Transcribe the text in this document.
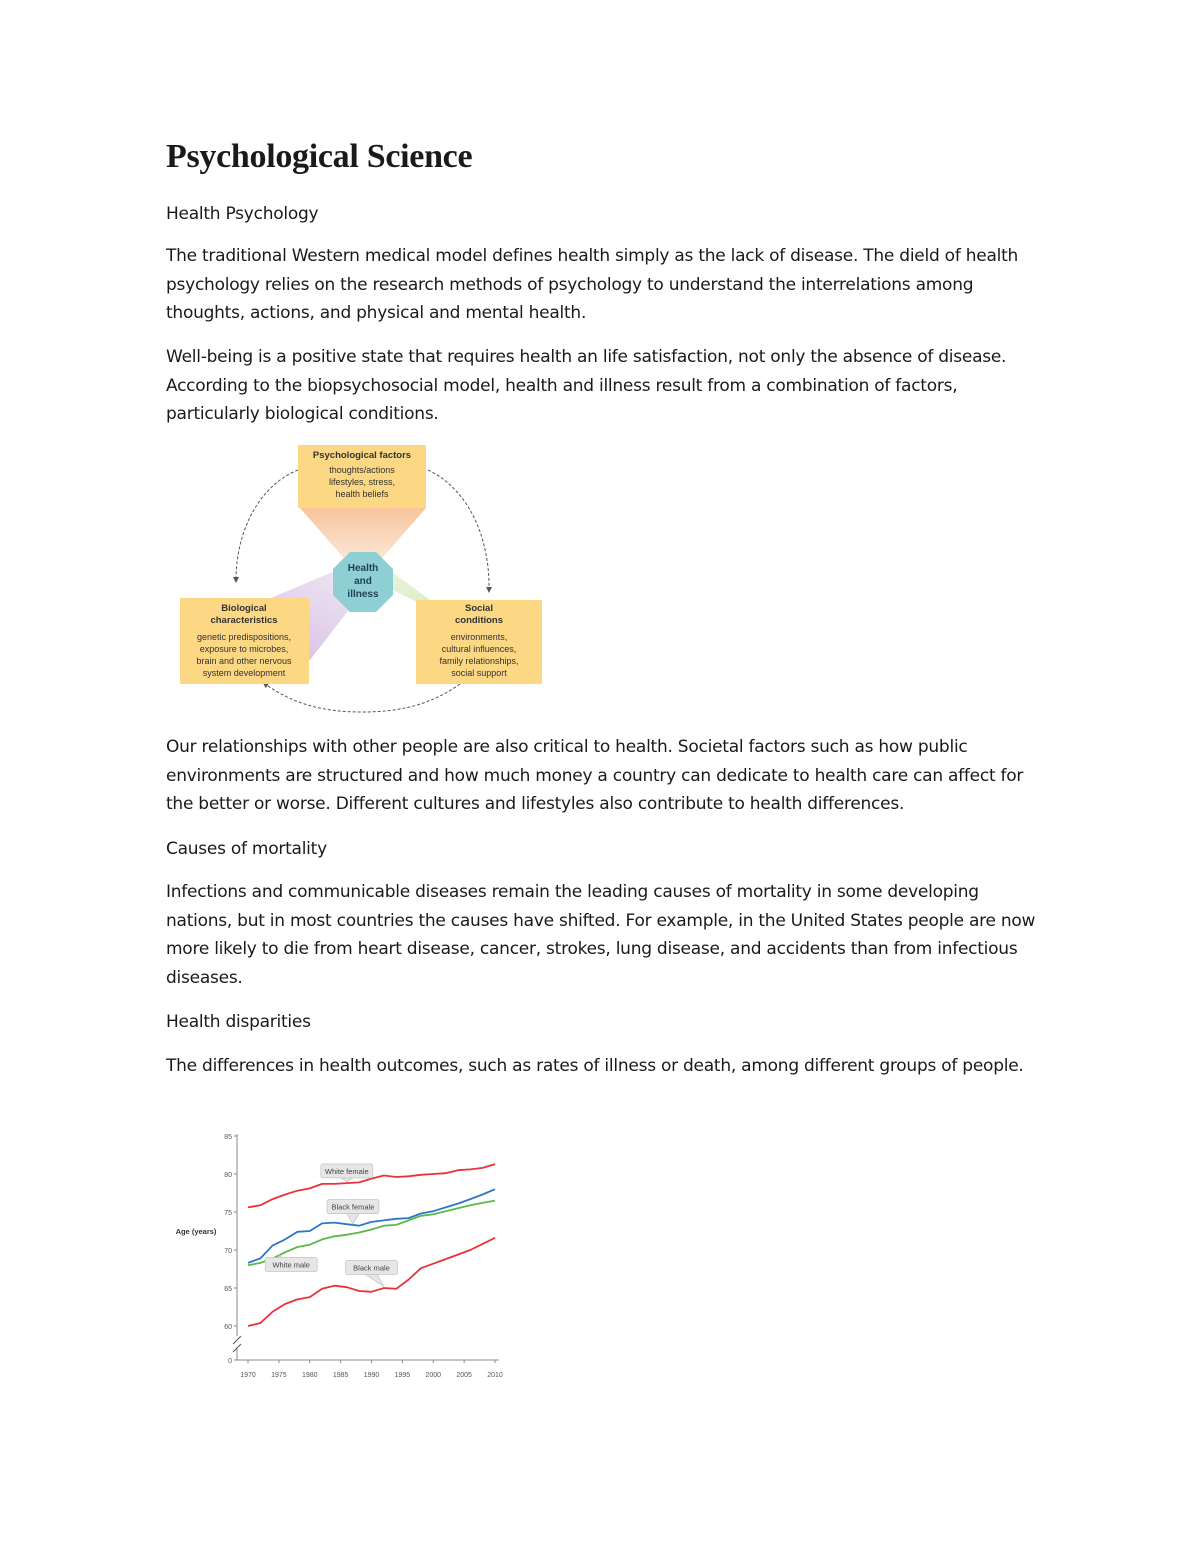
Psychological Science

Health Psychology

The traditional Western medical model defines health simply as the lack of disease. The dield of health psychology relies on the research methods of psychology to understand the interrelations among thoughts, actions, and physical and mental health.

Well-being is a positive state that requires health an life satisfaction, not only the absence of disease. According to the biopsychosocial model, health and illness result from a combination of factors, particularly biological conditions.

Health
and
illness
Psychological factors
thoughts/actions
lifestyles, stress,
health beliefs
Biological
characteristics
genetic predispositions,
exposure to microbes,
brain and other nervous
system development
Social
conditions
environments,
cultural influences,
family relationships,
social support

Our relationships with other people are also critical to health. Societal factors such as how public environments are structured and how much money a country can dedicate to health care can affect for the better or worse. Different cultures and lifestyles also contribute to health differences.

Causes of mortality

Infections and communicable diseases remain the leading causes of mortality in some developing nations, but in most countries the causes have shifted. For example, in the United States people are now more likely to die from heart disease, cancer, strokes, lung disease, and accidents than from infectious diseases.

Health disparities

The differences in health outcomes, such as rates of illness or death, among different groups of people.

0
60
65
70
75
80
85
1970 1975 1980 1985 1990 1995 2000 2005 2010
Age (years)
White female
Black female
White male	Black male
